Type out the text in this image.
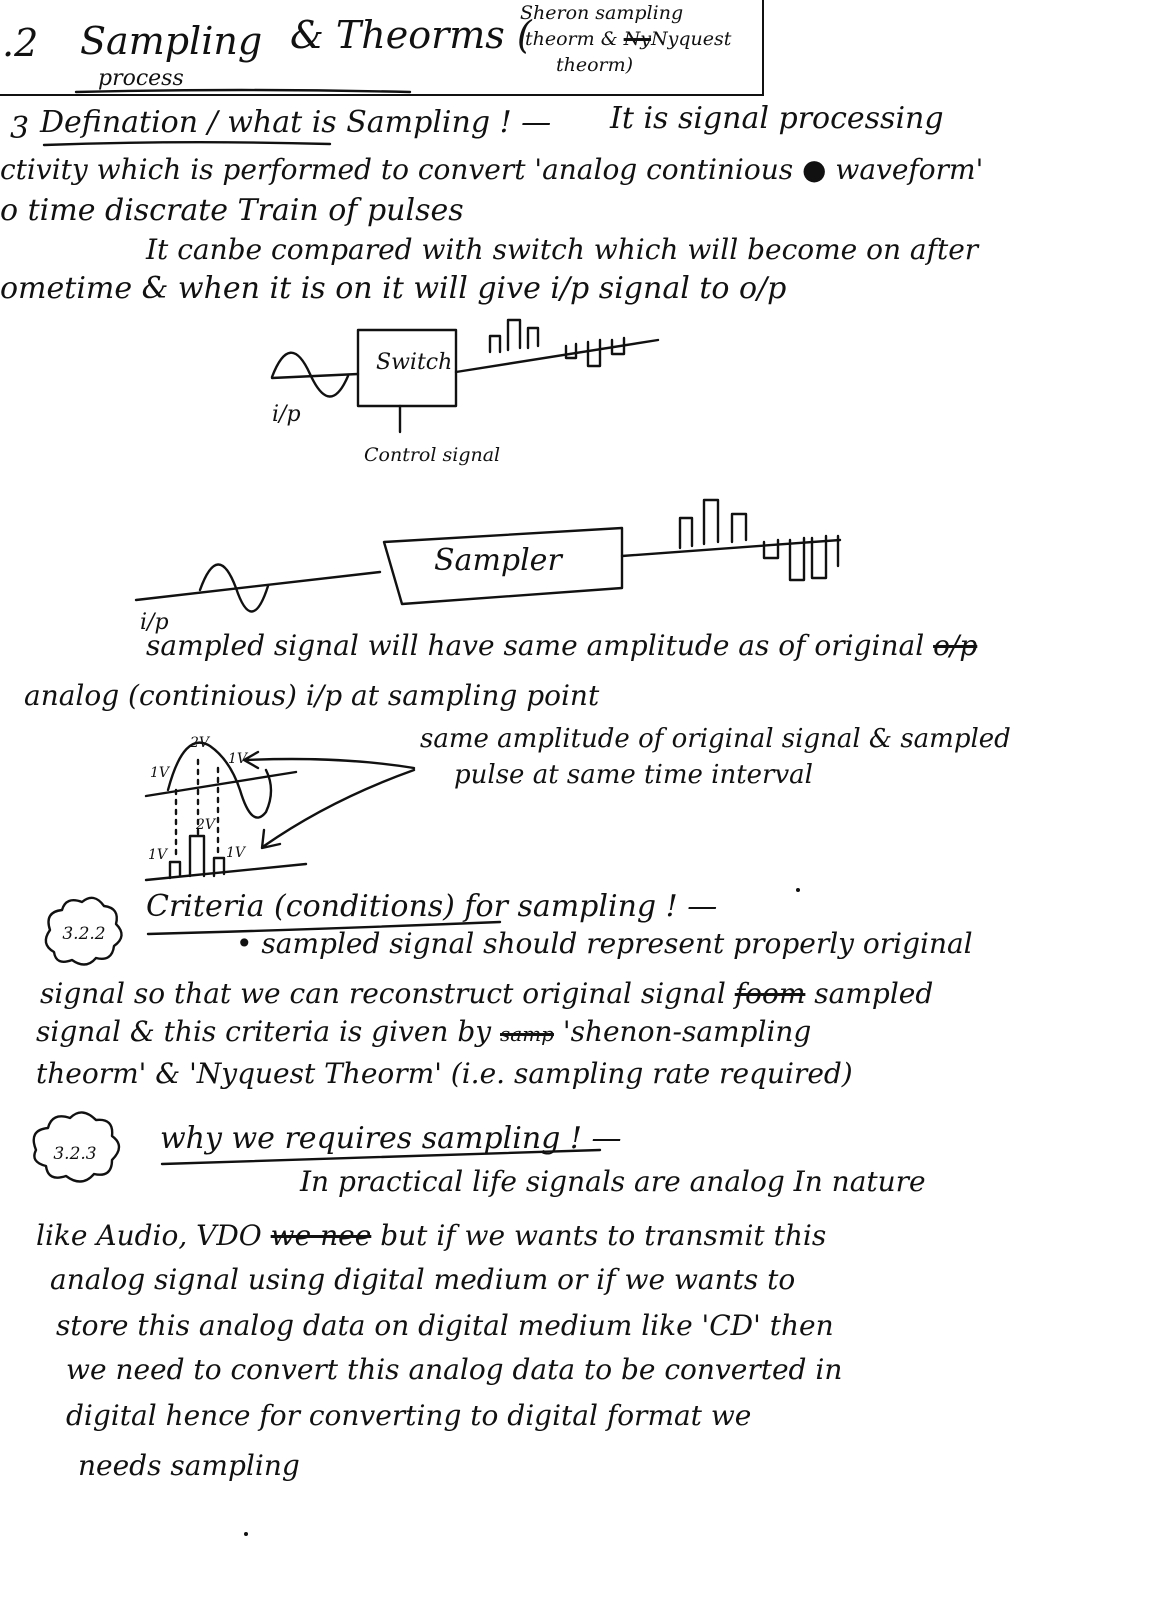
.2 Sampling
process
& Theorms (
Sheron sampling
theorm & NyNyquest
theorm)
3 Defination / what is Sampling ! — It is signal processing
ctivity which is performed to convert 'analog continious ● waveform'
o time discrate Train of pulses
It canbe compared with switch which will become on after
ometime & when it is on it will give i/p signal to o/p
Switch
i/p
Control signal
Sampler
i/p
sampled signal will have same amplitude as of original o/p
analog (continious) i/p at sampling point
same amplitude of original signal & sampled
pulse at same time interval
1V
2V
1V
2V
1V	1V
3.2.2
Criteria (conditions) for sampling ! —
• sampled signal should represent properly original
signal so that we can reconstruct original signal foom sampled
signal & this criteria is given by samp 'shenon-sampling
theorm' & 'Nyquest Theorm' (i.e. sampling rate required)
3.2.3	why we requires sampling ! —
In practical life signals are analog In nature
like Audio, VDO we nee but if we wants to transmit this
analog signal using digital medium or if we wants to
store this analog data on digital medium like 'CD' then
we need to convert this analog data to be converted in
digital hence for converting to digital format we
needs sampling
